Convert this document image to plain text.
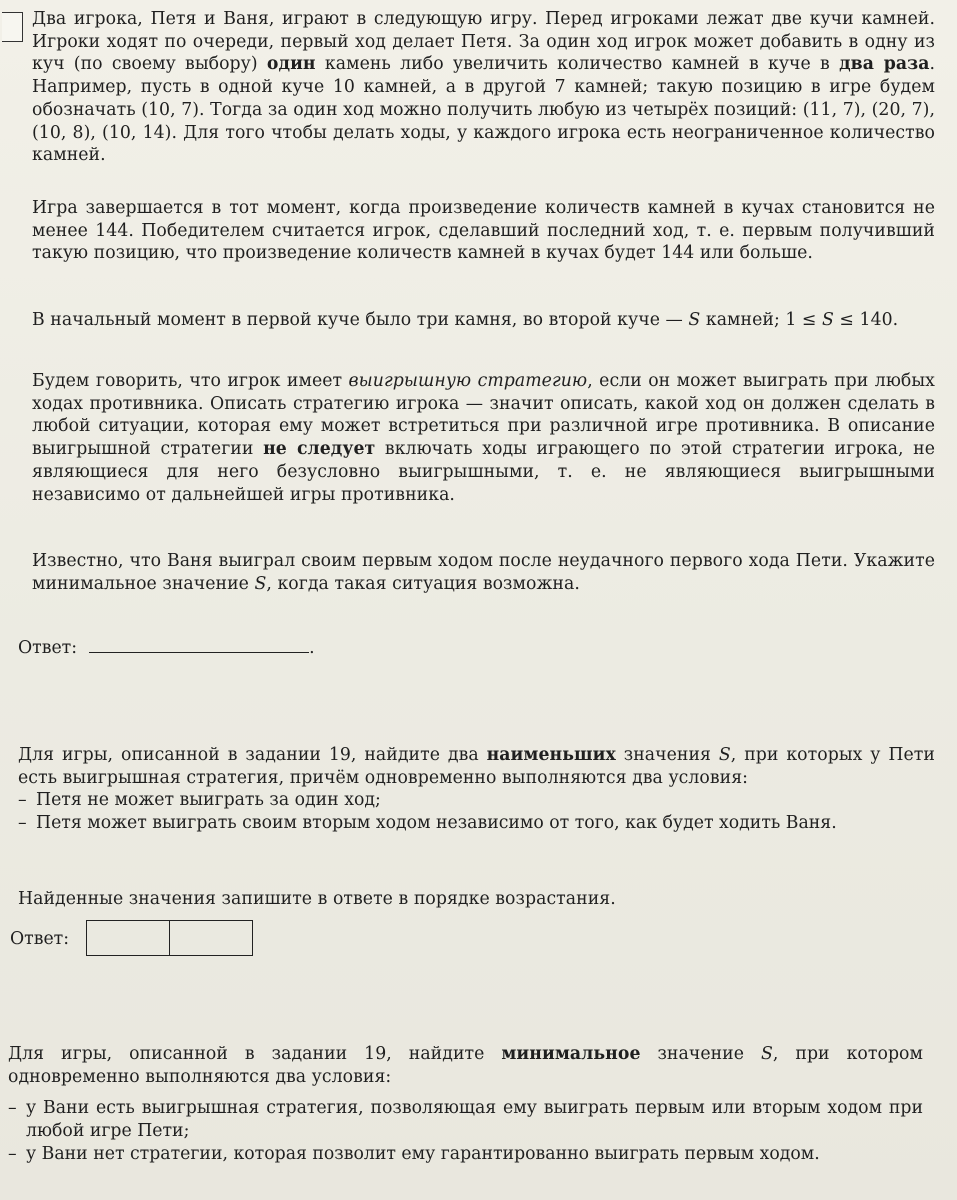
Два игрока, Петя и Ваня, играют в следующую игру. Перед игроками лежат две кучи камней. Игроки ходят по очереди, первый ход делает Петя. За один ход игрок может добавить в одну из куч (по своему выбору) один камень либо увеличить количество камней в куче в два раза. Например, пусть в одной куче 10 камней, а в другой 7 камней; такую позицию в игре будем обозначать (10, 7). Тогда за один ход можно получить любую из четырёх позиций: (11, 7), (20, 7), (10, 8), (10, 14). Для того чтобы делать ходы, у каждого игрока есть неограниченное количество камней.

Игра завершается в тот момент, когда произведение количеств камней в кучах становится не менее 144. Победителем считается игрок, сделавший последний ход, т. е. первым получивший такую позицию, что произведение количеств камней в кучах будет 144 или больше.

В начальный момент в первой куче было три камня, во второй куче — S камней; 1 ≤ S ≤ 140.

Будем говорить, что игрок имеет выигрышную стратегию, если он может выиграть при любых ходах противника. Описать стратегию игрока — значит описать, какой ход он должен сделать в любой ситуации, которая ему может встретиться при различной игре противника. В описание выигрышной стратегии не следует включать ходы играющего по этой стратегии игрока, не являющиеся для него безусловно выигрышными, т. е. не являющиеся выигрышными независимо от дальнейшей игры противника.

Известно, что Ваня выиграл своим первым ходом после неудачного первого хода Пети. Укажите минимальное значение S, когда такая ситуация возможна.

Ответ:	.

Для игры, описанной в задании 19, найдите два наименьших значения S, при которых у Пети есть выигрышная стратегия, причём одновременно выполняются два условия:

– Петя не может выиграть за один ход;
– Петя может выиграть своим вторым ходом независимо от того, как будет ходить Ваня.

Найденные значения запишите в ответе в порядке возрастания.

Ответ:

Для игры, описанной в задании 19, найдите минимальное значение S, при котором одновременно выполняются два условия:

– у Вани есть выигрышная стратегия, позволяющая ему выиграть первым или вторым ходом при любой игре Пети;
– у Вани нет стратегии, которая позволит ему гарантированно выиграть первым ходом.
